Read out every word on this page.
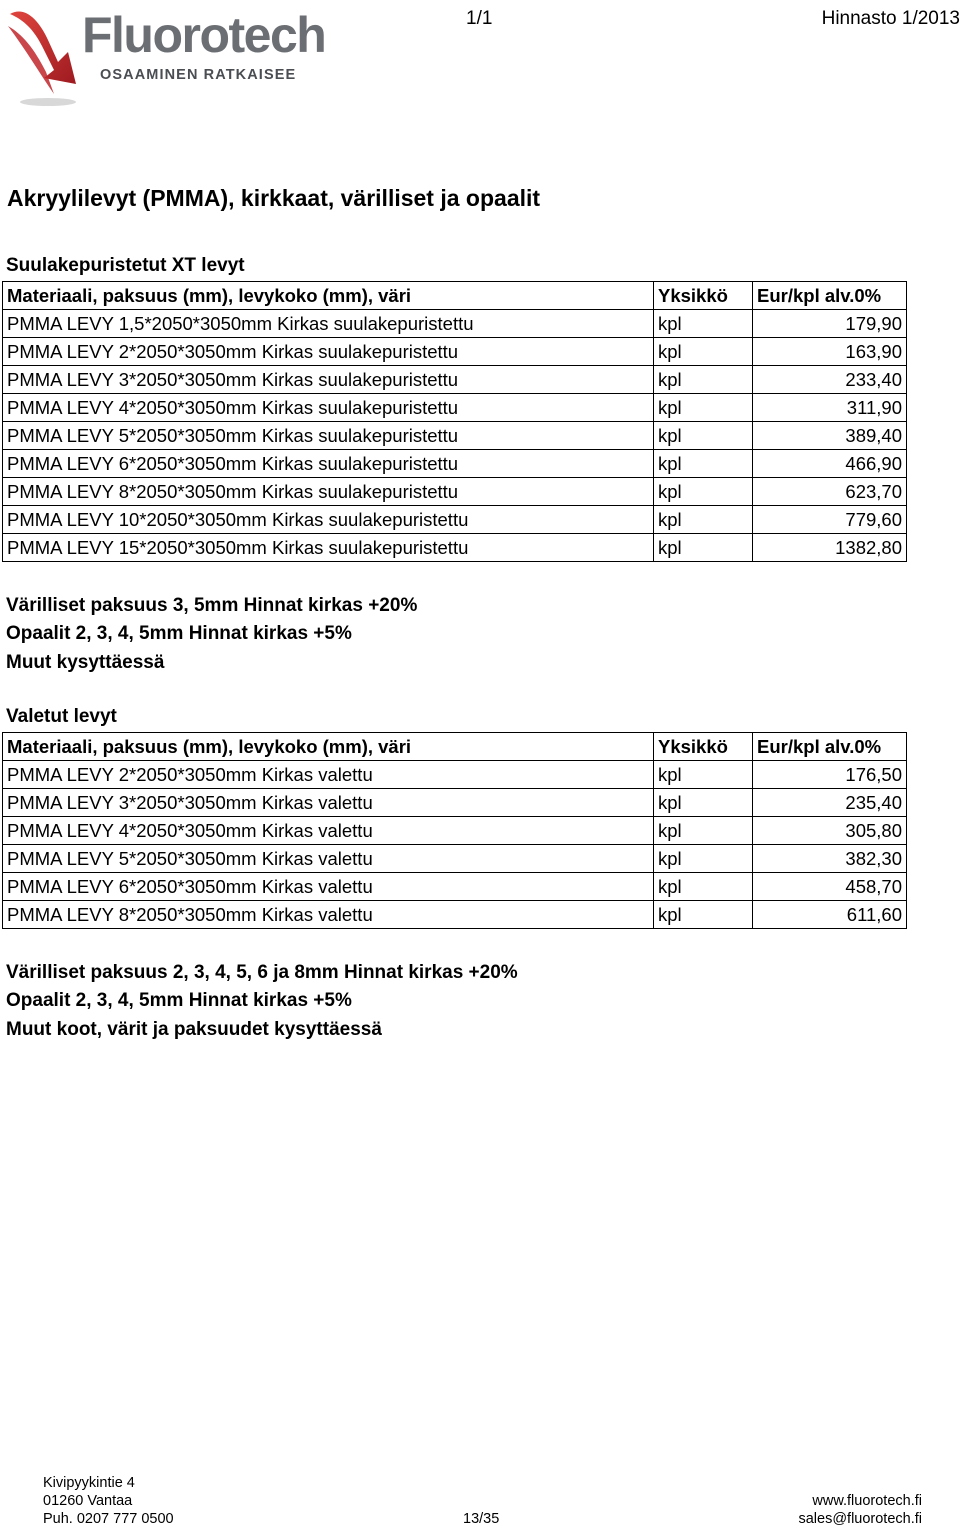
Fluorotech
OSAAMINEN RATKAISEE
1/1	Hinnasto 1/2013
Akryylilevyt (PMMA), kirkkaat, värilliset ja opaalit
Suulakepuristetut XT levyt
Materiaali, paksuus (mm), levykoko (mm), väri	Yksikkö	Eur/kpl alv.0%
PMMA LEVY 1,5*2050*3050mm Kirkas suulakepuristettu	kpl	179,90
PMMA LEVY 2*2050*3050mm Kirkas suulakepuristettu	kpl	163,90
PMMA LEVY 3*2050*3050mm Kirkas suulakepuristettu	kpl	233,40
PMMA LEVY 4*2050*3050mm Kirkas suulakepuristettu	kpl	311,90
PMMA LEVY 5*2050*3050mm Kirkas suulakepuristettu	kpl	389,40
PMMA LEVY 6*2050*3050mm Kirkas suulakepuristettu	kpl	466,90
PMMA LEVY 8*2050*3050mm Kirkas suulakepuristettu	kpl	623,70
PMMA LEVY 10*2050*3050mm Kirkas suulakepuristettu	kpl	779,60
PMMA LEVY 15*2050*3050mm Kirkas suulakepuristettu	kpl	1382,80
Värilliset paksuus 3, 5mm Hinnat kirkas +20%
Opaalit 2, 3, 4, 5mm Hinnat kirkas +5%
Muut kysyttäessä
Valetut levyt
Materiaali, paksuus (mm), levykoko (mm), väri	Yksikkö	Eur/kpl alv.0%
PMMA LEVY 2*2050*3050mm Kirkas valettu	kpl	176,50
PMMA LEVY 3*2050*3050mm Kirkas valettu	kpl	235,40
PMMA LEVY 4*2050*3050mm Kirkas valettu	kpl	305,80
PMMA LEVY 5*2050*3050mm Kirkas valettu	kpl	382,30
PMMA LEVY 6*2050*3050mm Kirkas valettu	kpl	458,70
PMMA LEVY 8*2050*3050mm Kirkas valettu	kpl	611,60
Värilliset paksuus 2, 3, 4, 5, 6 ja 8mm Hinnat kirkas +20%
Opaalit 2, 3, 4, 5mm Hinnat kirkas +5%
Muut koot, värit ja paksuudet kysyttäessä
Kivipyykintie 4
01260 Vantaa
Puh. 0207 777 0500	13/35
www.fluorotech.fi
sales@fluorotech.fi
